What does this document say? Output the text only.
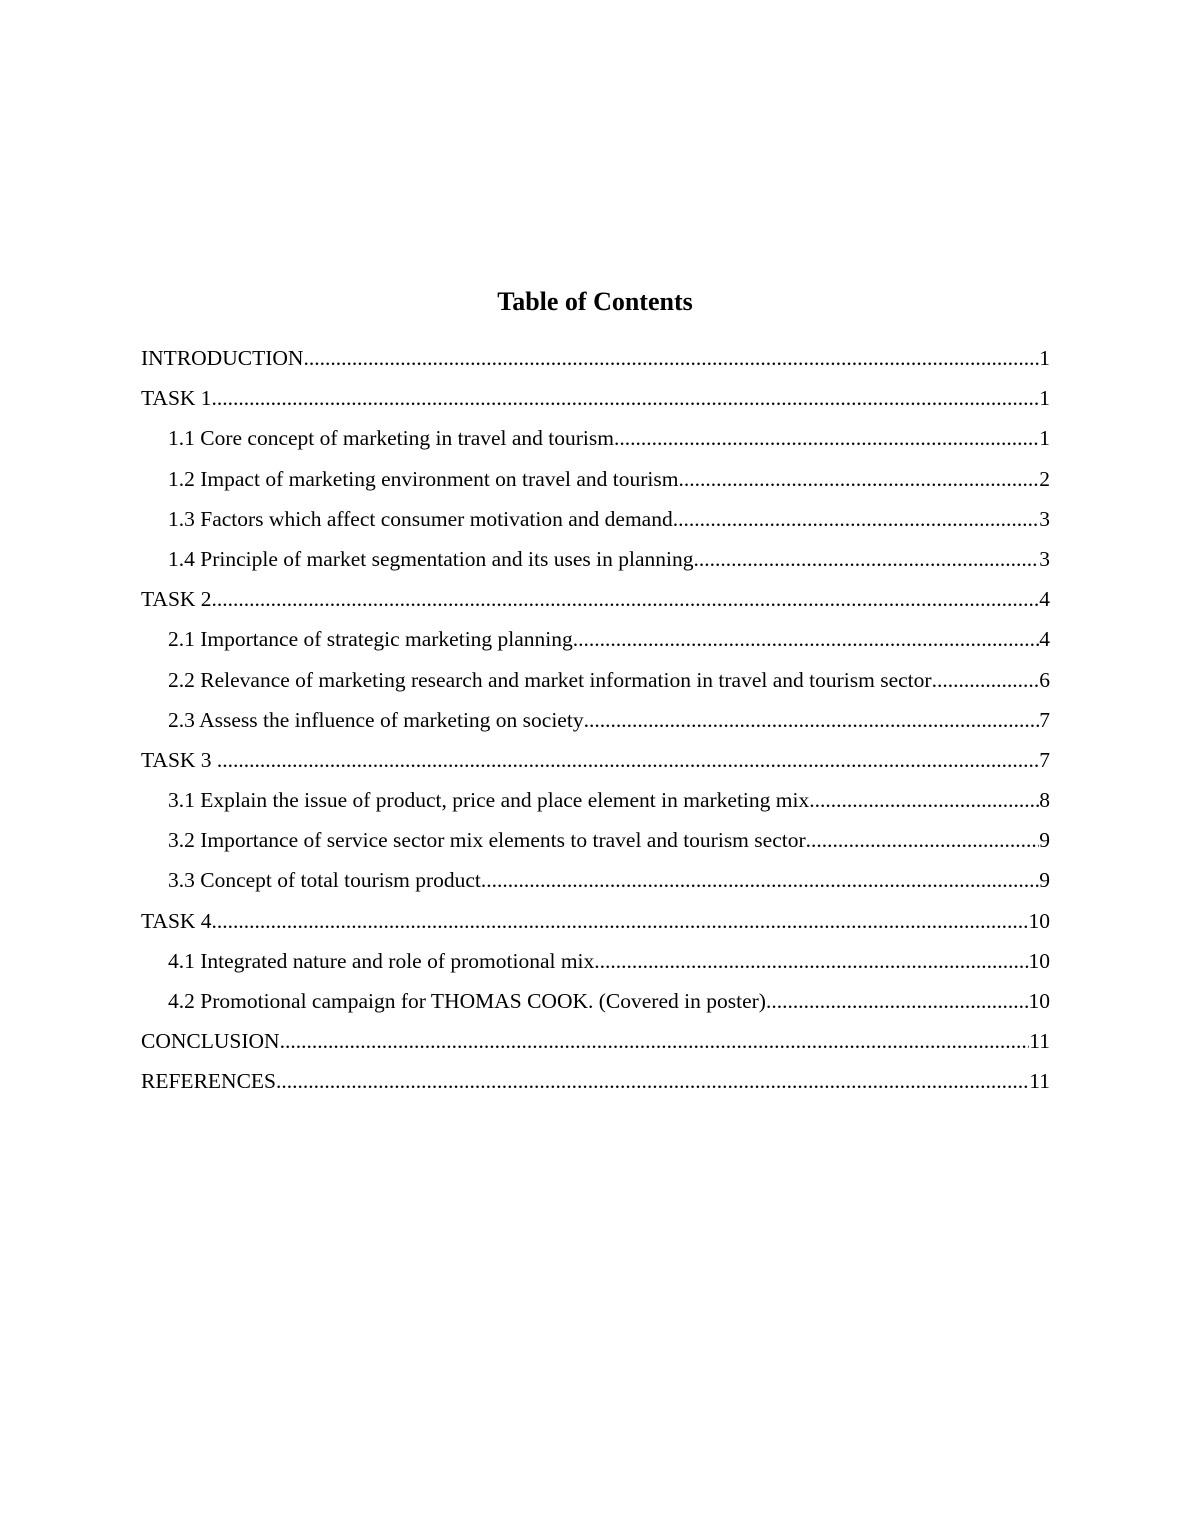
Table of Contents
INTRODUCTION .....	1
TASK 1 .....	1
1.1 Core concept of marketing in travel and tourism .....	1
1.2 Impact of marketing environment on travel and tourism .....	2
1.3 Factors which affect consumer motivation and demand .....	3
1.4 Principle of market segmentation and its uses in planning .....	3
TASK 2 .....	4
2.1 Importance of strategic marketing planning .....	4
2.2 Relevance of marketing research and market information in travel and tourism sector .....	6
2.3 Assess the influence of marketing on society .....	7
TASK 3 .....	7
3.1 Explain the issue of product, price and place element in marketing mix .....	8
3.2 Importance of service sector mix elements to travel and tourism sector .....	9
3.3 Concept of total tourism product .....	9
TASK 4 .....	10
4.1 Integrated nature and role of promotional mix .....	10
4.2 Promotional campaign for THOMAS COOK. (Covered in poster) .....	10
CONCLUSION .....	11
REFERENCES .....	11
